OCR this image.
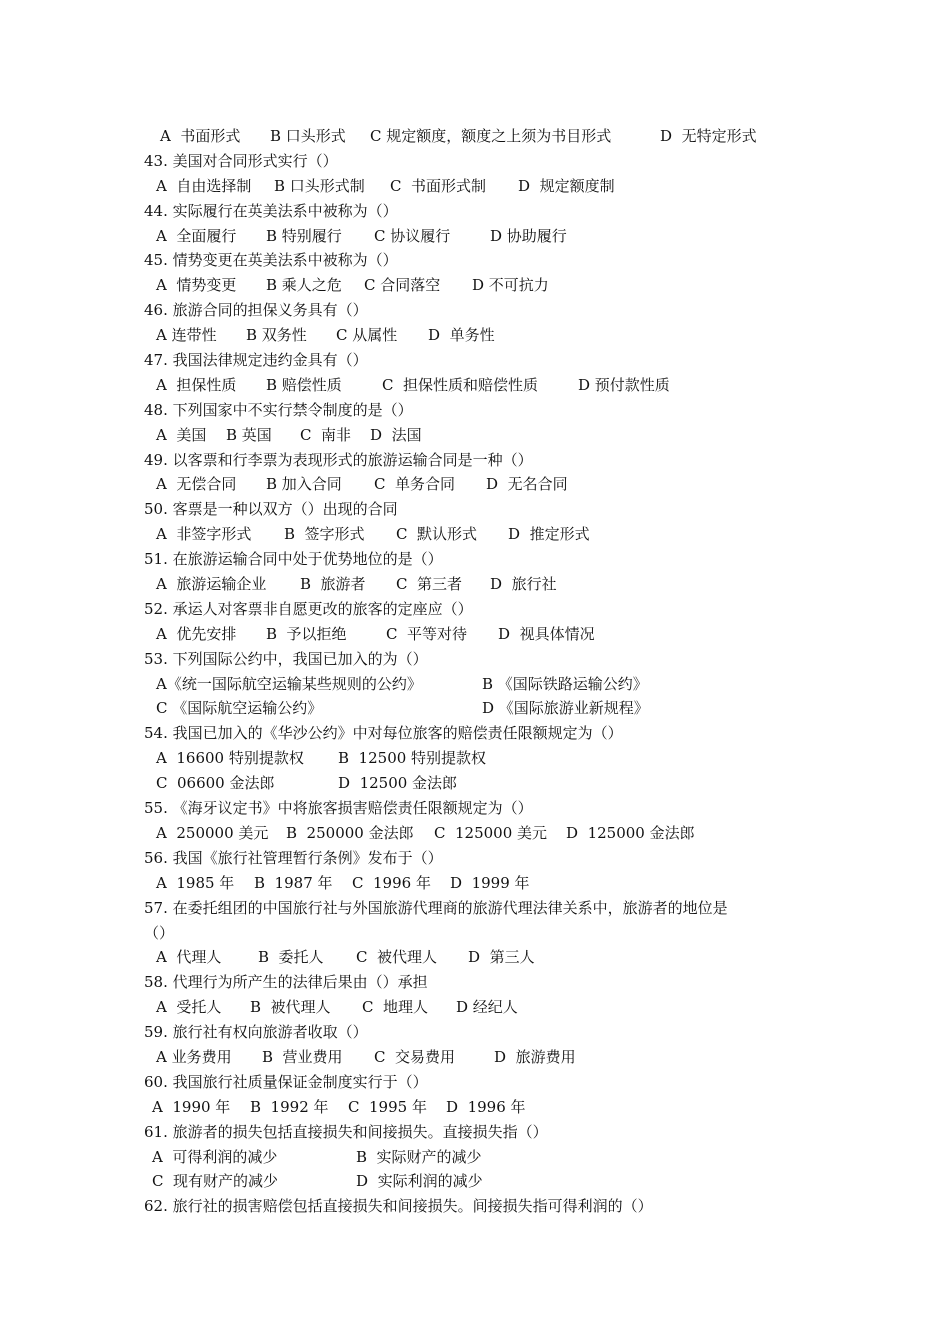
A  书面形式 B 口头形式 C 规定额度，额度之上须为书目形式	D  无特定形式
43. 美国对合同形式实行（）
A  自由选择制 B 口头形式制 C  书面形式制 D  规定额度制
44. 实际履行在英美法系中被称为（）
A  全面履行 B 特别履行 C 协议履行	D 协助履行
45. 情势变更在英美法系中被称为（）
A  情势变更 B 乘人之危 C 合同落空 D 不可抗力
46. 旅游合同的担保义务具有（）
A 连带性 B 双务性 C 从属性 D  单务性
47. 我国法律规定违约金具有（）
A  担保性质 B 赔偿性质	C  担保性质和赔偿性质	D 预付款性质
48. 下列国家中不实行禁令制度的是（）
A  美国 B 英国 C  南非 D  法国
49. 以客票和行李票为表现形式的旅游运输合同是一种（）
A  无偿合同 B 加入合同 C  单务合同 D  无名合同
50. 客票是一种以双方（）出现的合同
A  非签字形式 B  签字形式 C  默认形式 D  推定形式
51. 在旅游运输合同中处于优势地位的是（）
A  旅游运输企业 B  旅游者 C  第三者 D  旅行社
52. 承运人对客票非自愿更改的旅客的定座应（）
A  优先安排 B  予以拒绝	C  平等对待 D  视具体情况
53. 下列国际公约中，我国已加入的为（）
A《统一国际航空运输某些规则的公约》	B 《国际铁路运输公约》
C 《国际航空运输公约》	D 《国际旅游业新规程》
54. 我国已加入的《华沙公约》中对每位旅客的赔偿责任限额规定为（）
A  16600 特别提款权 B  12500 特别提款权
C  06600 金法郎	D  12500 金法郎
55. 《海牙议定书》中将旅客损害赔偿责任限额规定为（）
A  250000 美元 B  250000 金法郎 C  125000 美元 D  125000 金法郎
56. 我国《旅行社管理暂行条例》发布于（）
A  1985 年 B  1987 年 C  1996 年 D  1999 年
57. 在委托组团的中国旅行社与外国旅游代理商的旅游代理法律关系中，旅游者的地位是
（）
A  代理人 B  委托人 C  被代理人 D  第三人
58. 代理行为所产生的法律后果由（）承担
A  受托人 B  被代理人 C  地理人 D 经纪人
59. 旅行社有权向旅游者收取（）
A 业务费用 B  营业费用 C  交易费用	D  旅游费用
60. 我国旅行社质量保证金制度实行于（）
A  1990 年 B  1992 年 C  1995 年 D  1996 年
61. 旅游者的损失包括直接损失和间接损失。直接损失指（）
A  可得利润的减少	B  实际财产的减少
C  现有财产的减少	D  实际利润的减少
62. 旅行社的损害赔偿包括直接损失和间接损失。间接损失指可得利润的（）
